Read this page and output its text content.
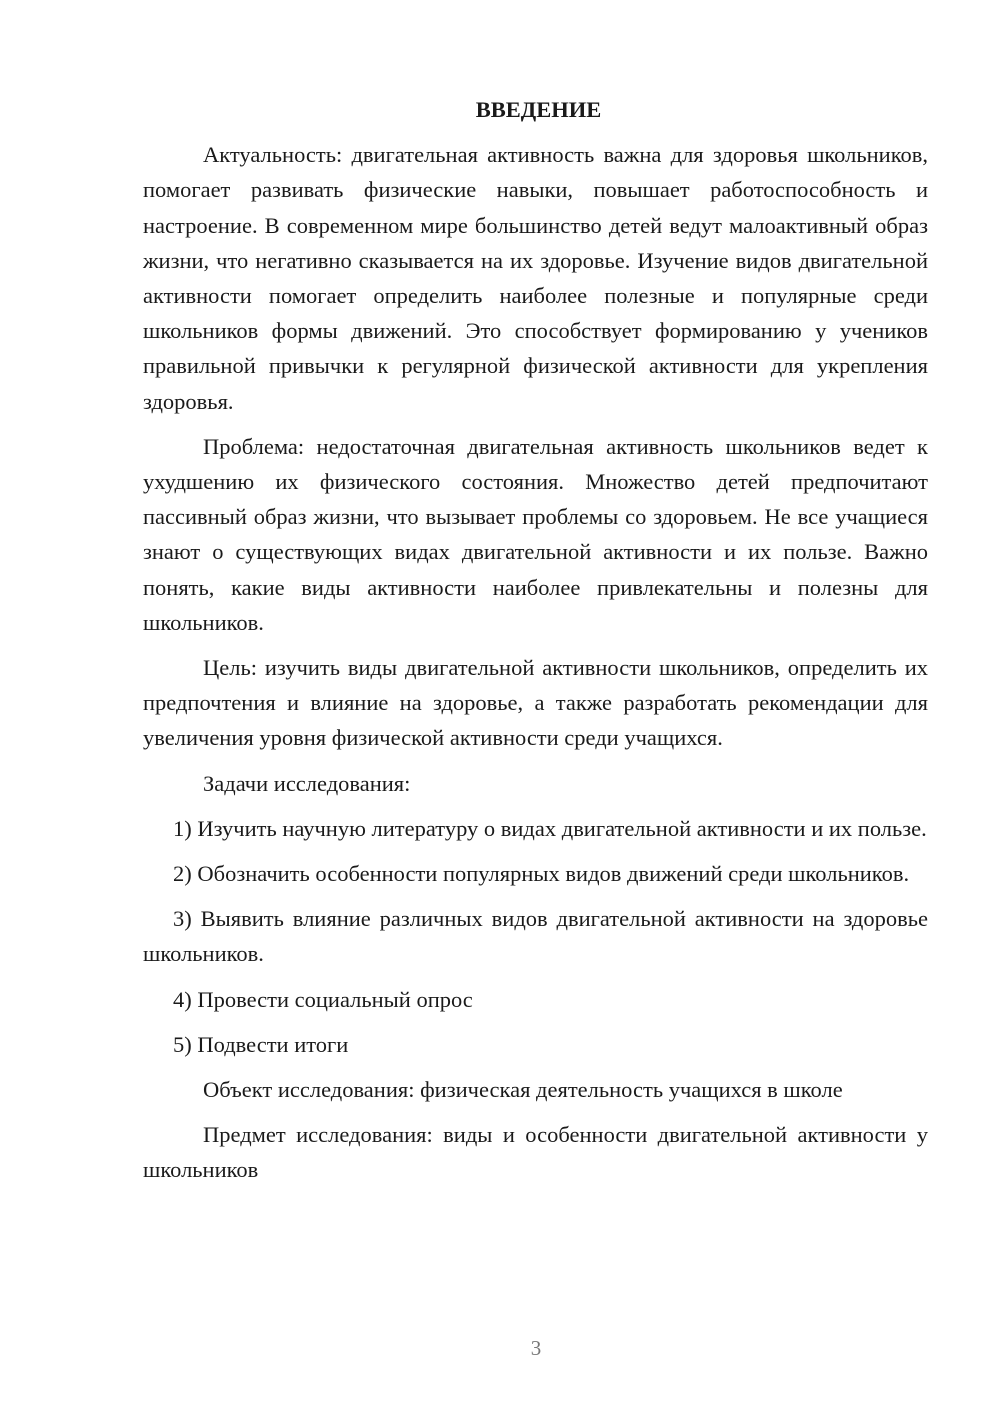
ВВЕДЕНИЕ

Актуальность: двигательная активность важна для здоровья школьников, помогает развивать физические навыки, повышает работоспособность и настроение. В современном мире большинство детей ведут малоактивный образ жизни, что негативно сказывается на их здоровье. Изучение видов двигательной активности помогает определить наиболее полезные и популярные среди школьников формы движений. Это способствует формированию у учеников правильной привычки к регулярной физической активности для укрепления здоровья.

Проблема: недостаточная двигательная активность школьников ведет к ухудшению их физического состояния. Множество детей предпочитают пассивный образ жизни, что вызывает проблемы со здоровьем. Не все учащиеся знают о существующих видах двигательной активности и их пользе. Важно понять, какие виды активности наиболее привлекательны и полезны для школьников.

Цель: изучить виды двигательной активности школьников, определить их предпочтения и влияние на здоровье, а также разработать рекомендации для увеличения уровня физической активности среди учащихся.

Задачи исследования:

1) Изучить научную литературу о видах двигательной активности и их пользе.

2) Обозначить особенности популярных видов движений среди школьников.

3) Выявить влияние различных видов двигательной активности на здоровье школьников.

4) Провести социальный опрос

5) Подвести итоги

Объект исследования: физическая деятельность учащихся в школе

Предмет исследования: виды и особенности двигательной активности у школьников

3
